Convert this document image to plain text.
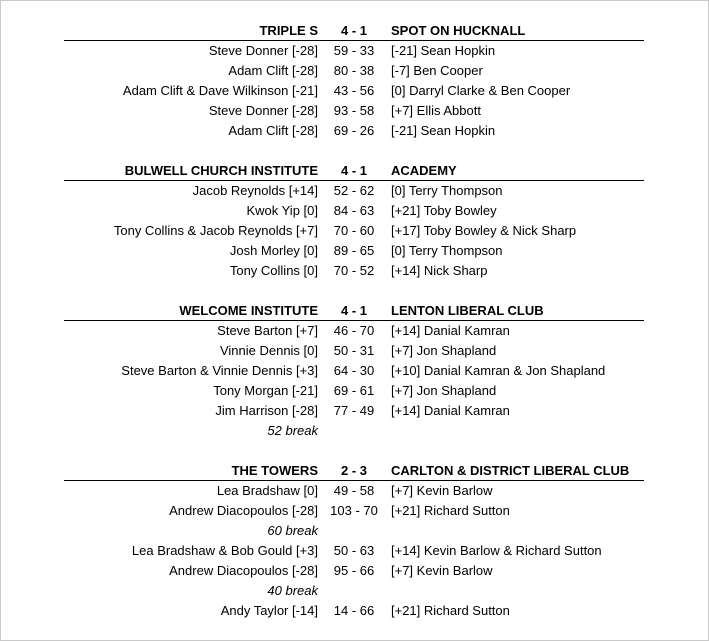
TRIPLE S	4 - 1	SPOT ON HUCKNALL
Steve Donner [-28]	59 - 33	[-21] Sean Hopkin
Adam Clift [-28]	80 - 38	[-7] Ben Cooper
Adam Clift & Dave Wilkinson [-21]	43 - 56	[0] Darryl Clarke & Ben Cooper
Steve Donner [-28]	93 - 58	[+7] Ellis Abbott
Adam Clift [-28]	69 - 26	[-21] Sean Hopkin
BULWELL CHURCH INSTITUTE	4 - 1	ACADEMY
Jacob Reynolds [+14]	52 - 62	[0] Terry Thompson
Kwok Yip [0]	84 - 63	[+21] Toby Bowley
Tony Collins & Jacob Reynolds [+7]	70 - 60	[+17] Toby Bowley & Nick Sharp
Josh Morley [0]	89 - 65	[0] Terry Thompson
Tony Collins [0]	70 - 52	[+14] Nick Sharp
WELCOME INSTITUTE	4 - 1	LENTON LIBERAL CLUB
Steve Barton [+7]	46 - 70	[+14] Danial Kamran
Vinnie Dennis [0]	50 - 31	[+7] Jon Shapland
Steve Barton & Vinnie Dennis [+3]	64 - 30	[+10] Danial Kamran & Jon Shapland
Tony Morgan [-21]	69 - 61	[+7] Jon Shapland
Jim Harrison [-28]	77 - 49	[+14] Danial Kamran
52 break
THE TOWERS	2 - 3	CARLTON & DISTRICT LIBERAL CLUB
Lea Bradshaw [0]	49 - 58	[+7] Kevin Barlow
Andrew Diacopoulos [-28] 103 - 70	[+21] Richard Sutton
60 break
Lea Bradshaw & Bob Gould [+3]	50 - 63	[+14] Kevin Barlow & Richard Sutton
Andrew Diacopoulos [-28]	95 - 66	[+7] Kevin Barlow
40 break
Andy Taylor [-14]	14 - 66	[+21] Richard Sutton
